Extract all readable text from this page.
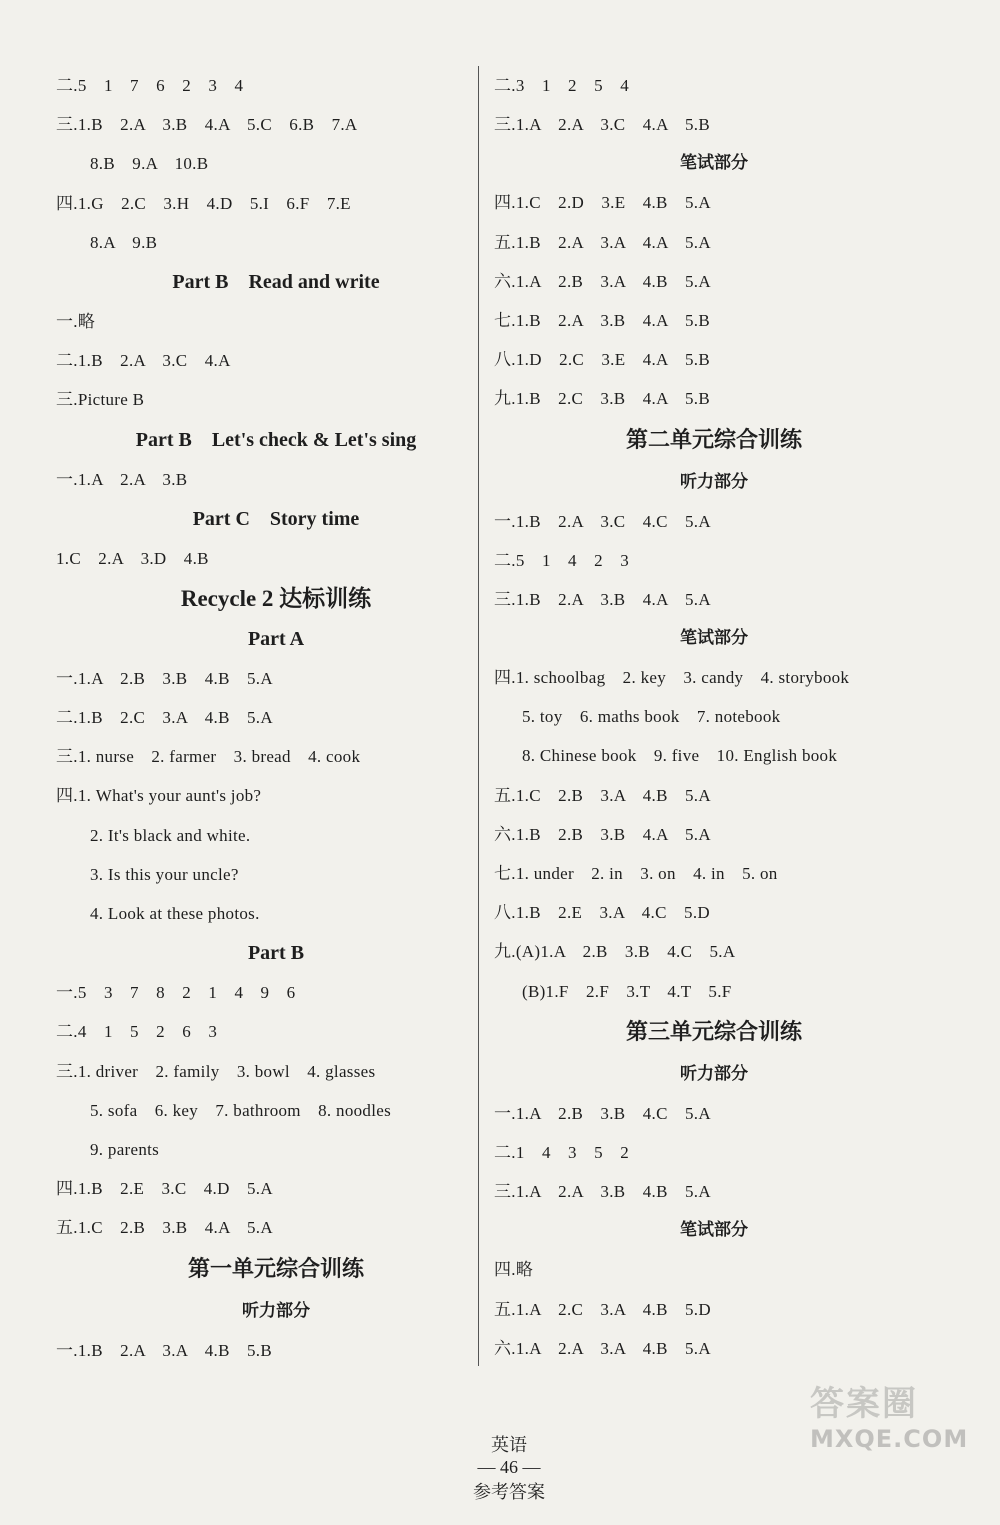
二.5　1　7　6　2　3　4
三.1.B　2.A　3.B　4.A　5.C　6.B　7.A
8.B　9.A　10.B
四.1.G　2.C　3.H　4.D　5.I　6.F　7.E
8.A　9.B
Part B　Read and write
一.略
二.1.B　2.A　3.C　4.A
三.Picture B
Part B　Let's check & Let's sing
一.1.A　2.A　3.B
Part C　Story time
1.C　2.A　3.D　4.B
Recycle 2 达标训练
Part A
一.1.A　2.B　3.B　4.B　5.A
二.1.B　2.C　3.A　4.B　5.A
三.1. nurse　2. farmer　3. bread　4. cook
四.1. What's your aunt's job?
2. It's black and white.
3. Is this your uncle?
4. Look at these photos.
Part B
一.5　3　7　8　2　1　4　9　6
二.4　1　5　2　6　3
三.1. driver　2. family　3. bowl　4. glasses
5. sofa　6. key　7. bathroom　8. noodles
9. parents
四.1.B　2.E　3.C　4.D　5.A
五.1.C　2.B　3.B　4.A　5.A
第一单元综合训练
听力部分
一.1.B　2.A　3.A　4.B　5.B
二.3　1　2　5　4
三.1.A　2.A　3.C　4.A　5.B
笔试部分
四.1.C　2.D　3.E　4.B　5.A
五.1.B　2.A　3.A　4.A　5.A
六.1.A　2.B　3.A　4.B　5.A
七.1.B　2.A　3.B　4.A　5.B
八.1.D　2.C　3.E　4.A　5.B
九.1.B　2.C　3.B　4.A　5.B
第二单元综合训练
听力部分
一.1.B　2.A　3.C　4.C　5.A
二.5　1　4　2　3
三.1.B　2.A　3.B　4.A　5.A
笔试部分
四.1. schoolbag　2. key　3. candy　4. storybook
5. toy　6. maths book　7. notebook
8. Chinese book　9. five　10. English book
五.1.C　2.B　3.A　4.B　5.A
六.1.B　2.B　3.B　4.A　5.A
七.1. under　2. in　3. on　4. in　5. on
八.1.B　2.E　3.A　4.C　5.D
九.(A)1.A　2.B　3.B　4.C　5.A
(B)1.F　2.F　3.T　4.T　5.F
第三单元综合训练
听力部分
一.1.A　2.B　3.B　4.C　5.A
二.1　4　3　5　2
三.1.A　2.A　3.B　4.B　5.A
笔试部分
四.略
五.1.A　2.C　3.A　4.B　5.D
六.1.A　2.A　3.A　4.B　5.A

英语
— 46 —
参考答案

答案圈
MXQE.COM
